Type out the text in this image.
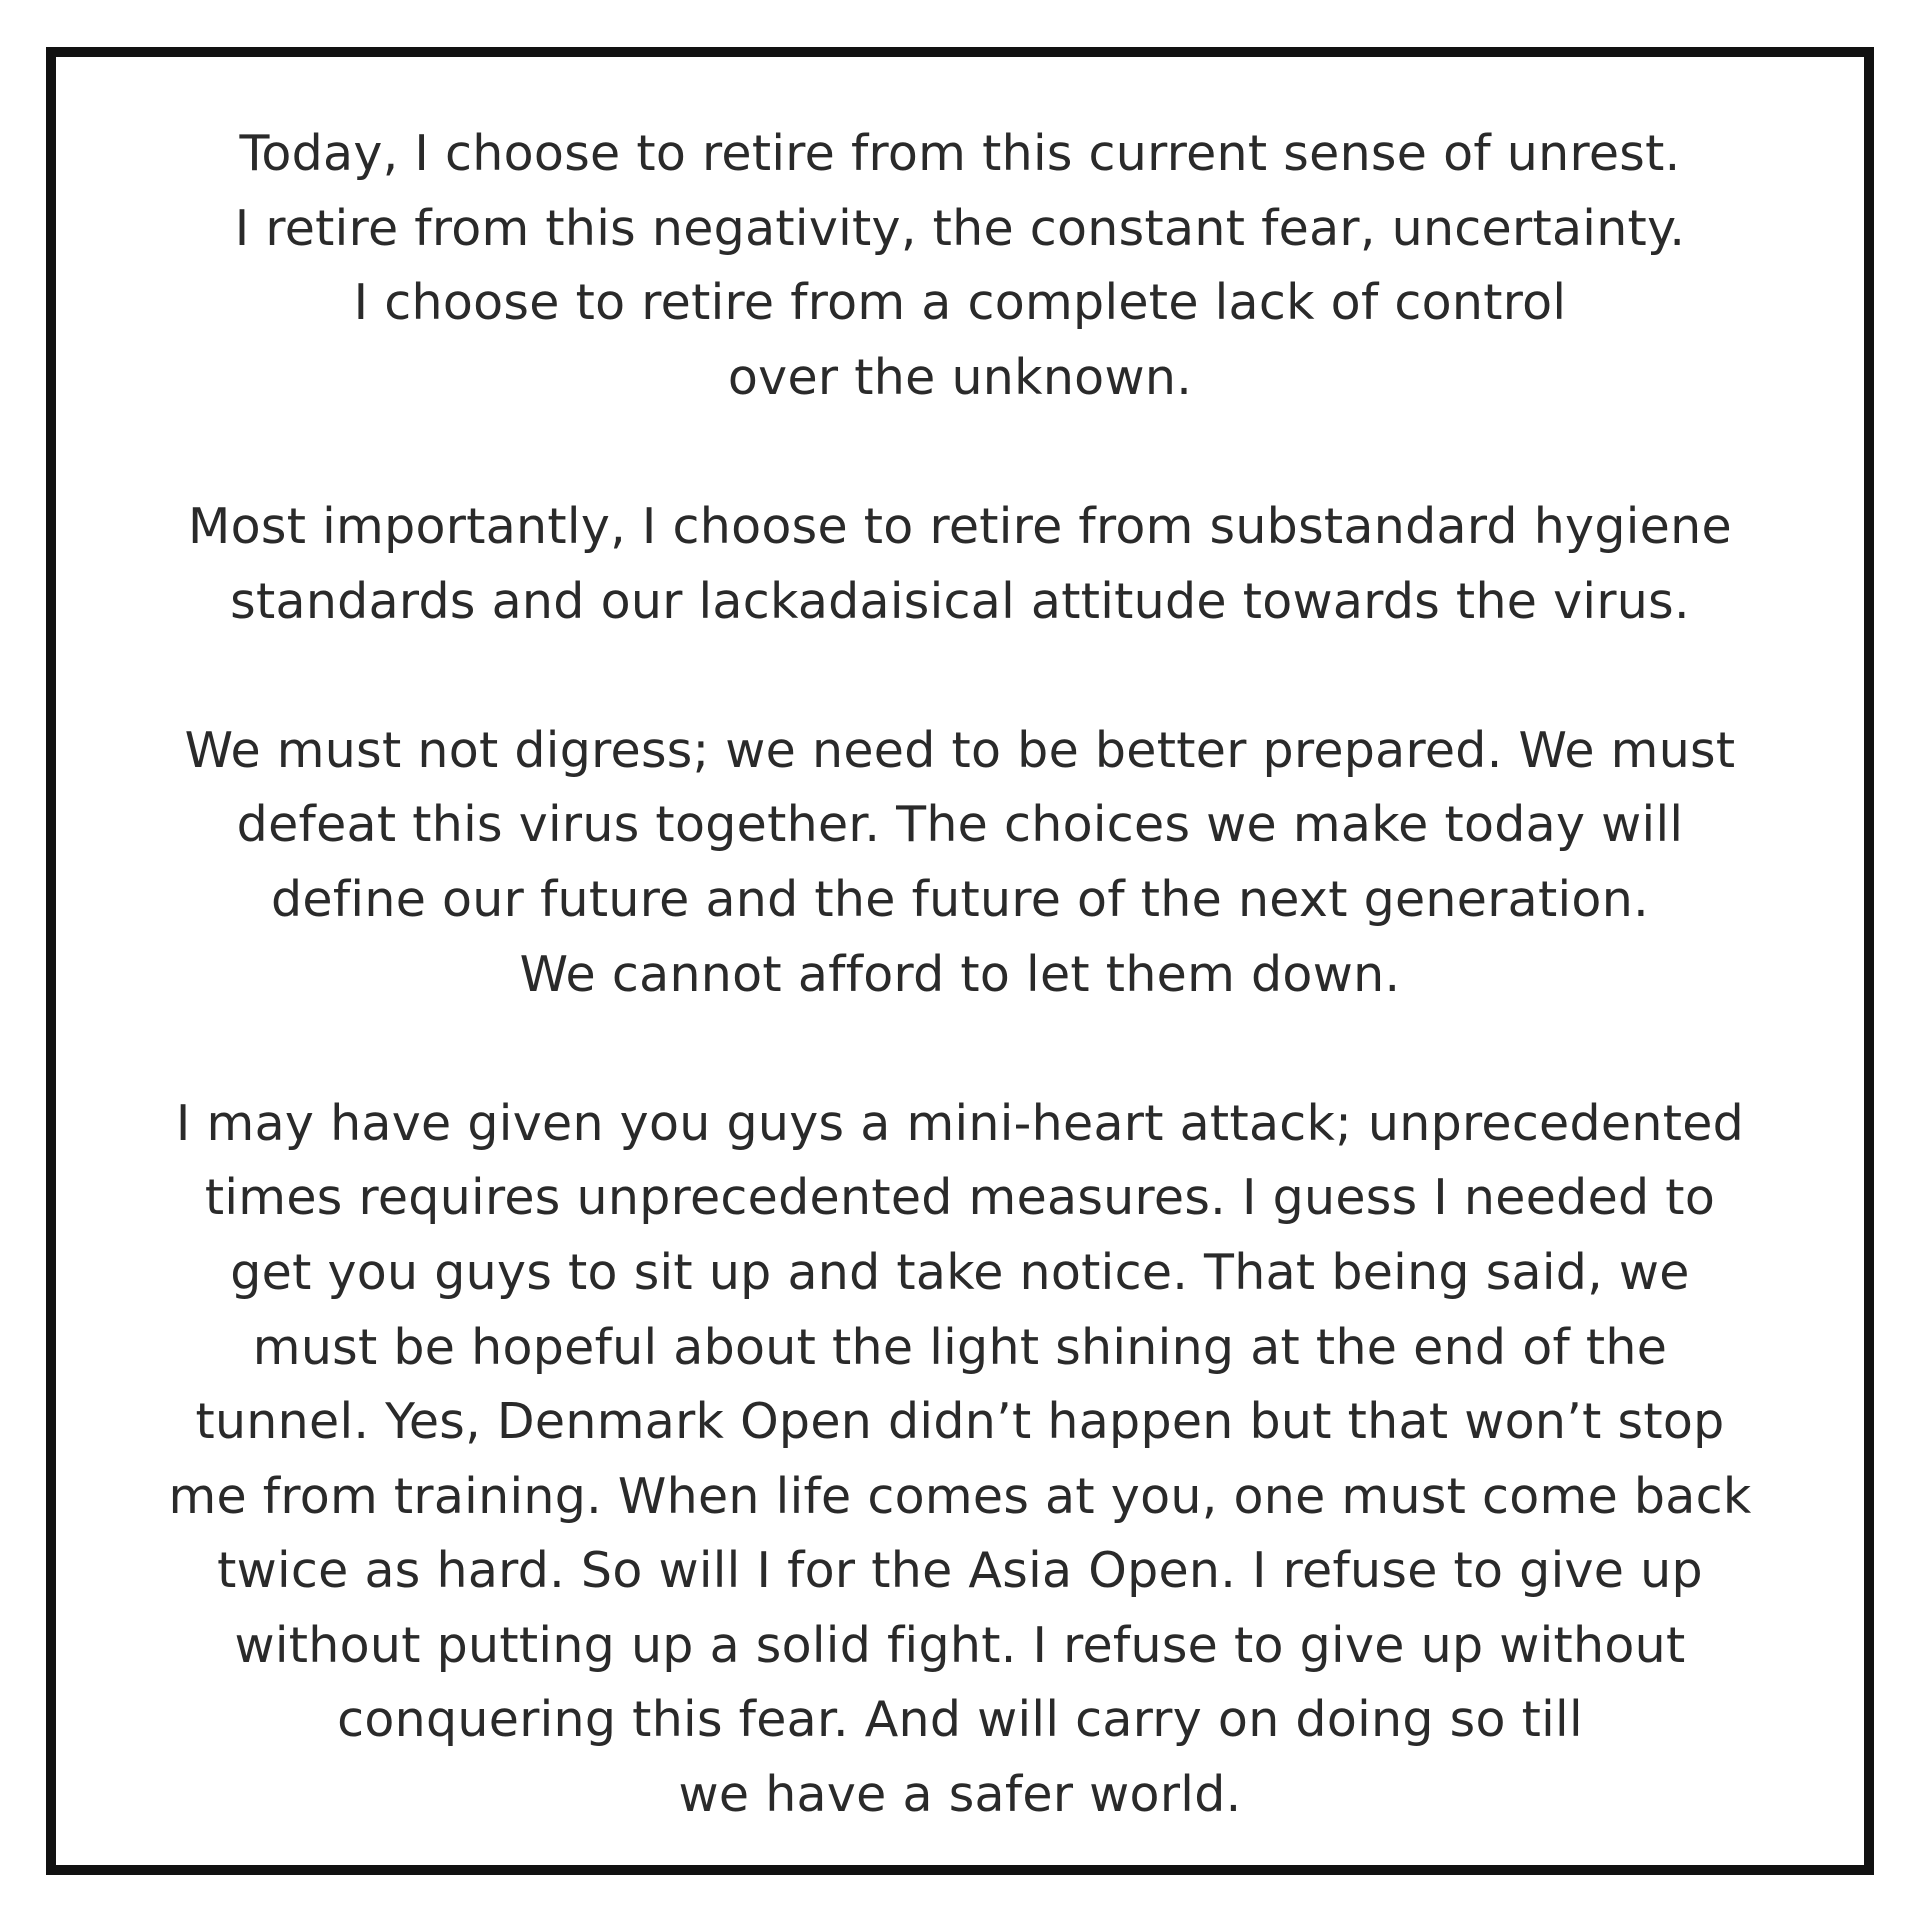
Today, I choose to retire from this current sense of unrest.
I retire from this negativity, the constant fear, uncertainty.
I choose to retire from a complete lack of control
over the unknown.

Most importantly, I choose to retire from substandard hygiene
standards and our lackadaisical attitude towards the virus.

We must not digress; we need to be better prepared. We must
defeat this virus together. The choices we make today will
define our future and the future of the next generation.
We cannot afford to let them down.

I may have given you guys a mini-heart attack; unprecedented
times requires unprecedented measures. I guess I needed to
get you guys to sit up and take notice. That being said, we
must be hopeful about the light shining at the end of the
tunnel. Yes, Denmark Open didn’t happen but that won’t stop
me from training. When life comes at you, one must come back
twice as hard. So will I for the Asia Open. I refuse to give up
without putting up a solid fight. I refuse to give up without
conquering this fear. And will carry on doing so till
we have a safer world.
